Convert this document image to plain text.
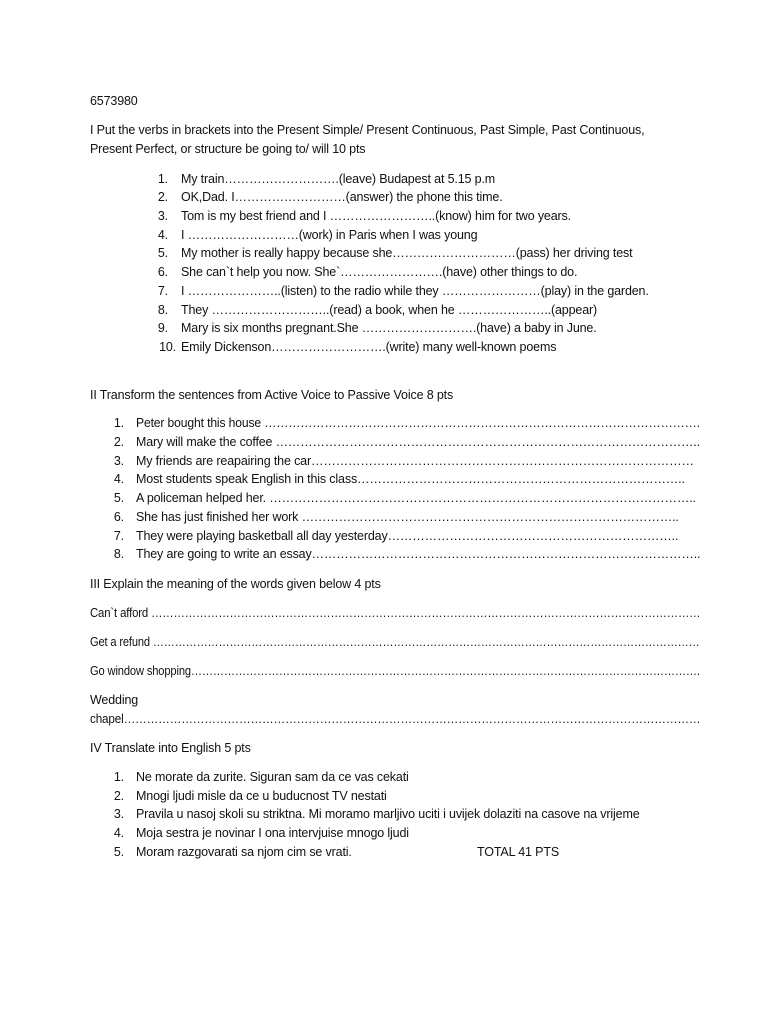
6573980
I Put the verbs in brackets into the Present Simple/ Present Continuous, Past Simple, Past Continuous,
Present Perfect, or structure be going to/ will 10 pts
1. My train……………………….(leave) Budapest at 5.15 p.m
2. OK,Dad. I………………………(answer) the phone this time.
3. Tom is my best friend and I ……………………..(know) him for two years.
4. I ………………………(work) in Paris when I was young
5. My mother is really happy because she…………………………(pass) her driving test
6. She can`t help you now. She`…………………….(have) other things to do.
7. I …………………..(listen) to the radio while they ……………………(play) in the garden.
8. They ………………………..(read) a book, when he …………………..(appear)
9. Mary is six months pregnant.She ……………………….(have) a baby in June.
10. Emily Dickenson……………………….(write) many well-known poems
II Transform the sentences from Active Voice to Passive Voice 8 pts
1. Peter bought this house ……………………………………………………………………………………………….
2. Mary will make the coffee …………………………………………………………………………………………..
3. My friends are reapairing the car…………………………………………………………………………………
4. Most students speak English in this class……………………………………………………………………..
5. A policeman helped her. …………………………………………………………………………………………..
6. She has just finished her work ………………………………………………………………………………..
7. They were playing basketball all day yesterday……………………………………………………………..
8. They are going to write an essay…………………………………………………………………………………..
III Explain the meaning of the words given below 4 pts
Can`t afford …………………………………………………………………………………………………………………………………
Get a refund ……………………………………………………………………………………………………………………………………
Go window shopping………………………………………………………………………………………………………………………….
Wedding
chapel……………………………………………………………………………………………………………………………………
IV Translate into English 5 pts
1. Ne morate da zurite. Siguran sam da ce vas cekati
2. Mnogi ljudi misle da ce u buducnost TV nestati
3. Pravila u nasoj skoli su striktna. Mi moramo marljivo uciti i uvijek dolaziti na casove na vrijeme
4. Moja sestra je novinar I ona intervjuise mnogo ljudi
5. Moram razgovarati sa njom cim se vrati.	TOTAL 41 PTS
